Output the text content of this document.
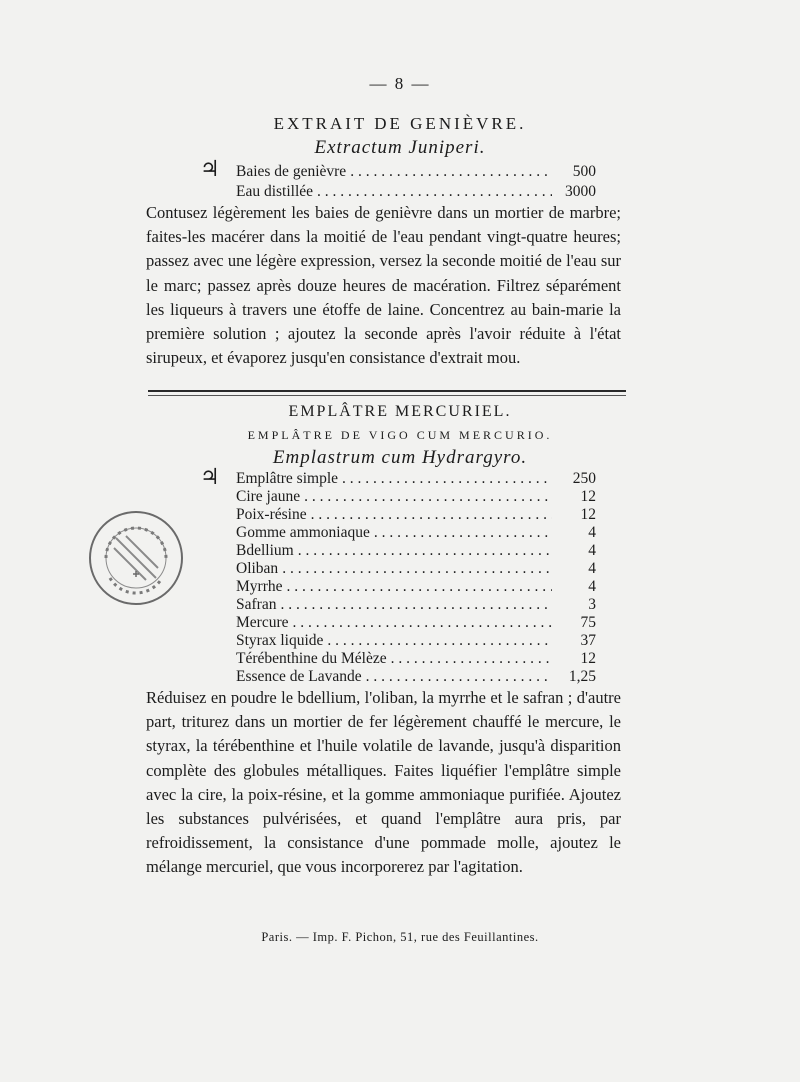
— 8 —
EXTRAIT DE GENIÈVRE.
Extractum Juniperi.
♃ Baies de genièvre . . .	500
Eau distillée . . .	3000
Contusez légèrement les baies de genièvre dans un mortier de marbre; faites-les macérer dans la moitié de l'eau pendant vingt-quatre heures; passez avec une légère expression, versez la seconde moitié de l'eau sur le marc; passez après douze heures de macération. Filtrez séparément les liqueurs à travers une étoffe de laine. Concentrez au bain-marie la première solution ; ajoutez la seconde après l'avoir réduite à l'état sirupeux, et évaporez jusqu'en consistance d'extrait mou.
EMPLÂTRE MERCURIEL.
EMPLÂTRE DE VIGO CUM MERCURIO.
Emplastrum cum Hydrargyro.
♃ Emplâtre simple . . .	250
Cire jaune . . .	12
Poix-résine . . .	12
Gomme ammoniaque . . .	4
Bdellium . . .	4
Oliban . . .	4
Myrrhe . . .	4
Safran . . .	3
Mercure . . .	75
Styrax liquide . . .	37
Térébenthine du Mélèze . . .	12
Essence de Lavande . . .	1,25
Réduisez en poudre le bdellium, l'oliban, la myrrhe et le safran ; d'autre part, triturez dans un mortier de fer légèrement chauffé le mercure, le styrax, la térébenthine et l'huile volatile de lavande, jusqu'à disparition complète des globules métalliques. Faites liquéfier l'emplâtre simple avec la cire, la poix-résine, et la gomme ammoniaque purifiée. Ajoutez les substances pulvérisées, et quand l'emplâtre aura pris, par refroidissement, la consistance d'une pommade molle, ajoutez le mélange mercuriel, que vous incorporerez par l'agitation.
Paris. — Imp. F. Pichon, 51, rue des Feuillantines.
